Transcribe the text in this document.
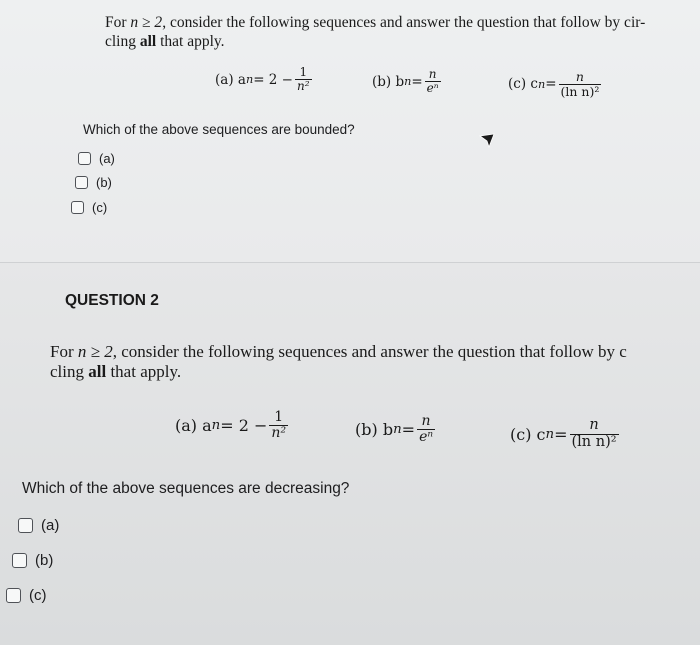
For n ≥ 2, consider the following sequences and answer the question that follow by cir-
cling all that apply.
(a) a $n = 2 - \frac{1}{\text{n²}}$	(b) b $n = \frac{n}{\text{eⁿ}}$	(c) c $n = \frac{n}{\text{(ln n)²}}$
Which of the above sequences are bounded?
(a)
(b)
(c)
QUESTION 2
For n ≥ 2, consider the following sequences and answer the question that follow by c
cling all that apply.
(a) a $n = 2 - \frac{1}{\text{n²}}$	(b) b $n = \frac{n}{\text{eⁿ}}$	(c) c $n = \frac{n}{\text{(ln n)²}}$
Which of the above sequences are decreasing?
(a)
(b)
(c)
